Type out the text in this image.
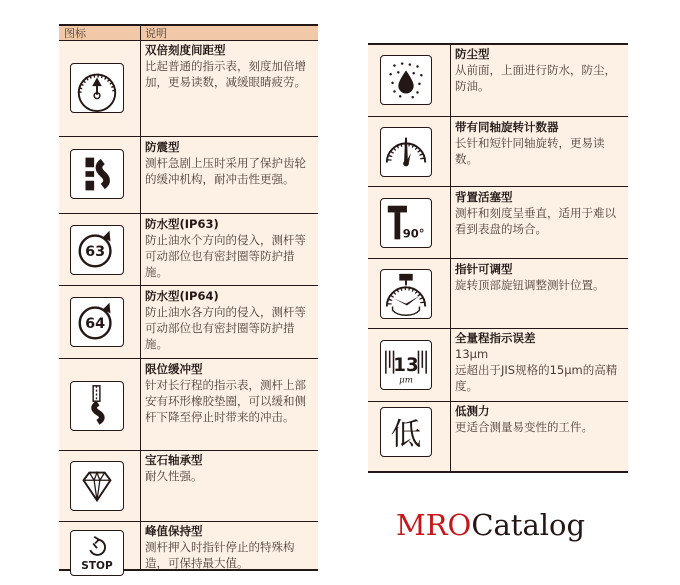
图标	说明
双倍刻度间距型
比起普通的指示表，刻度加倍增加，更易读数，减缓眼睛疲劳。
防震型
测杆急剧上压时采用了保护齿轮的缓冲机构，耐冲击性更强。
63
防水型(IP63)
防止油水个方向的侵入，测杆等可动部位也有密封圈等防护措施。
64
防水型(IP64)
防止油水各方向的侵入，测杆等可动部位也有密封圈等防护措施。
限位缓冲型
针对长行程的指示表，测杆上部安有环形橡胶垫圈，可以缓和侧杆下降至停止时带来的冲击。
宝石轴承型
耐久性强。
STOP
峰值保持型
测杆押入时指针停止的特殊构造，可保持最大值。
防尘型
从前面，上面进行防水，防尘，防油。
带有同轴旋转计数器
长针和短针同轴旋转，更易读数。
90°
背置活塞型
测杆和刻度呈垂直，适用于难以看到表盘的场合。
指针可调型
旋转顶部旋钮调整测针位置。
13
μm
全量程指示误差
13μm
远超出于JIS规格的15μm的高精度。
低
低测力
更适合测量易变性的工件。
MROCatalog
